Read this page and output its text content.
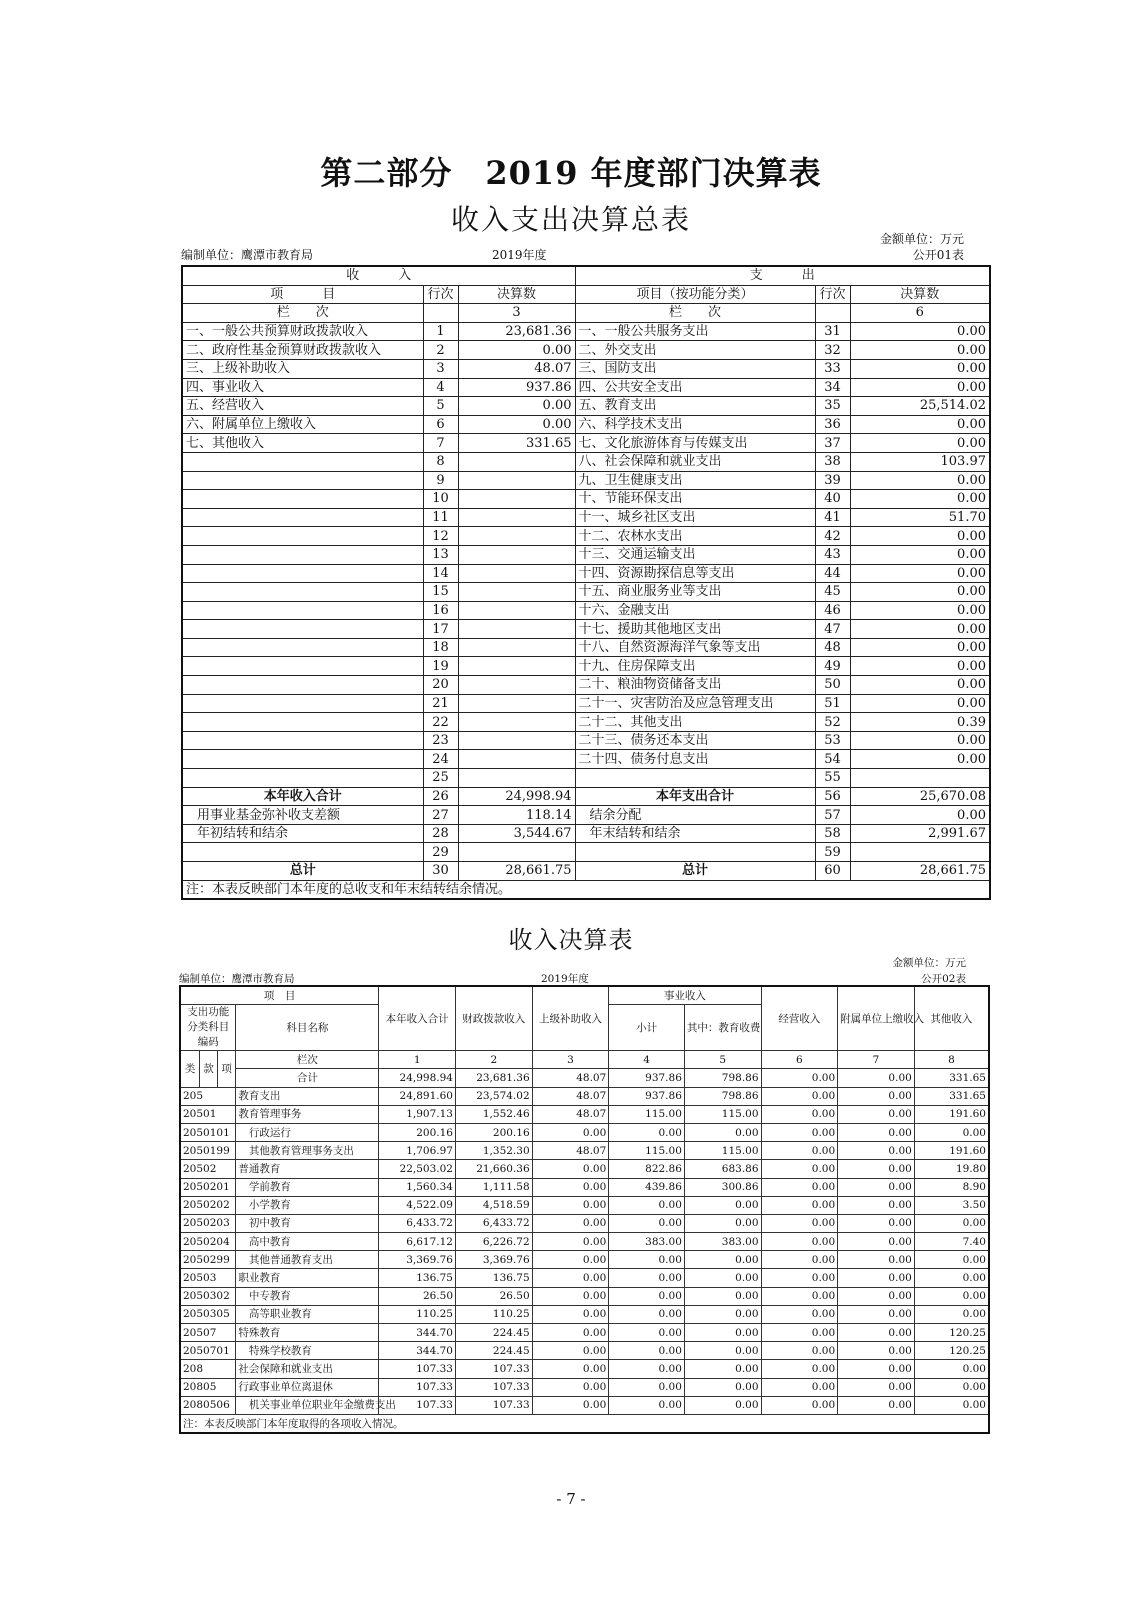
第二部分　2019 年度部门决算表
收入支出决算总表
金额单位：万元
编制单位：鹰潭市教育局	2019年度	公开01表
收　　　入			支　　　出		
项　　　目	行次	决算数	项目（按功能分类）	行次	决算数
栏　　次		3	栏　　次		6
一、一般公共预算财政拨款收入	1	23,681.36	一、一般公共服务支出	31	0.00
二、政府性基金预算财政拨款收入	2	0.00	二、外交支出	32	0.00
三、上级补助收入	3	48.07	三、国防支出	33	0.00
四、事业收入	4	937.86	四、公共安全支出	34	0.00
五、经营收入	5	0.00	五、教育支出	35	25,514.02
六、附属单位上缴收入	6	0.00	六、科学技术支出	36	0.00
七、其他收入	7	331.65	七、文化旅游体育与传媒支出	37	0.00
	8		八、社会保障和就业支出	38	103.97
	9		九、卫生健康支出	39	0.00
	10		十、节能环保支出	40	0.00
	11		十一、城乡社区支出	41	51.70
	12		十二、农林水支出	42	0.00
	13		十三、交通运输支出	43	0.00
	14		十四、资源勘探信息等支出	44	0.00
	15		十五、商业服务业等支出	45	0.00
	16		十六、金融支出	46	0.00
	17		十七、援助其他地区支出	47	0.00
	18		十八、自然资源海洋气象等支出	48	0.00
	19		十九、住房保障支出	49	0.00
	20		二十、粮油物资储备支出	50	0.00
	21		二十一、灾害防治及应急管理支出	51	0.00
	22		二十二、其他支出	52	0.39
	23		二十三、债务还本支出	53	0.00
	24		二十四、债务付息支出	54	0.00
	25			55	
本年收入合计	26	24,998.94	本年支出合计	56	25,670.08
用事业基金弥补收支差额	27	118.14	结余分配	57	0.00
年初结转和结余	28	3,544.67	年末结转和结余	58	2,991.67
	29			59	
总计	30	28,661.75	总计	60	28,661.75
注：本表反映部门本年度的总收支和年末结转结余情况。					
收入决算表
金额单位：万元
编制单位：鹰潭市教育局	2019年度	公开02表
项　目				本年收入合计	财政拨款收入	上级补助收入	事业收入		经营收入	附属单位上缴收入	其他收入
支出功能分类科目编码			科目名称				小计	其中：教育收费			

类	款	项	栏次	1	2	3	4	5	6	7	8
			合计	24,998.94	23,681.36	48.07	937.86	798.86	0.00	0.00	331.65
205			教育支出	24,891.60	23,574.02	48.07	937.86	798.86	0.00	0.00	331.65
20501			教育管理事务	1,907.13	1,552.46	48.07	115.00	115.00	0.00	0.00	191.60
2050101			　行政运行	200.16	200.16	0.00	0.00	0.00	0.00	0.00	0.00
2050199			　其他教育管理事务支出	1,706.97	1,352.30	48.07	115.00	115.00	0.00	0.00	191.60
20502			普通教育	22,503.02	21,660.36	0.00	822.86	683.86	0.00	0.00	19.80
2050201			　学前教育	1,560.34	1,111.58	0.00	439.86	300.86	0.00	0.00	8.90
2050202			　小学教育	4,522.09	4,518.59	0.00	0.00	0.00	0.00	0.00	3.50
2050203			　初中教育	6,433.72	6,433.72	0.00	0.00	0.00	0.00	0.00	0.00
2050204			　高中教育	6,617.12	6,226.72	0.00	383.00	383.00	0.00	0.00	7.40
2050299			　其他普通教育支出	3,369.76	3,369.76	0.00	0.00	0.00	0.00	0.00	0.00
20503			职业教育	136.75	136.75	0.00	0.00	0.00	0.00	0.00	0.00
2050302			　中专教育	26.50	26.50	0.00	0.00	0.00	0.00	0.00	0.00
2050305			　高等职业教育	110.25	110.25	0.00	0.00	0.00	0.00	0.00	0.00
20507			特殊教育	344.70	224.45	0.00	0.00	0.00	0.00	0.00	120.25
2050701			　特殊学校教育	344.70	224.45	0.00	0.00	0.00	0.00	0.00	120.25
208			社会保障和就业支出	107.33	107.33	0.00	0.00	0.00	0.00	0.00	0.00
20805			行政事业单位离退休	107.33	107.33	0.00	0.00	0.00	0.00	0.00	0.00
2080506			　机关事业单位职业年金缴费支出	107.33	107.33	0.00	0.00	0.00	0.00	0.00	0.00
注：本表反映部门本年度取得的各项收入情况。											
- 7 -
